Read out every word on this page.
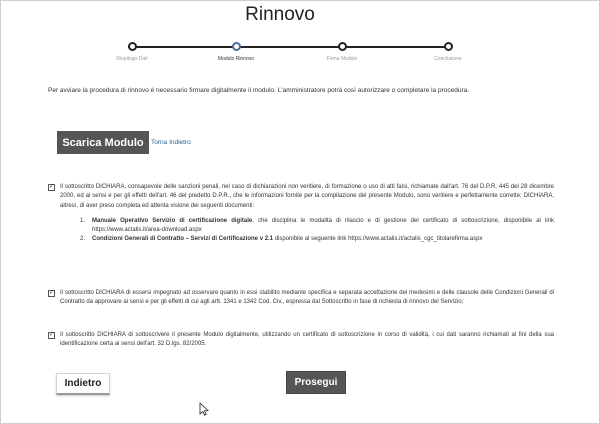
Rinnovo
Riepilogo Dati	Modulo Rinnovo	Firma Modulo	Conclusione

Per avviare la procedura di rinnovo è necessario firmare digitalmente il modulo. L'amministratore potrà così autorizzare o completare la procedura.

Scarica Modulo	Torna Indietro
✓ Il sottoscritto DICHIARA, consapevole delle sanzioni penali, nel caso di dichiarazioni non veritiere, di formazione o uso di atti falsi, richiamate dall'art. 76 del D.P.R. 445 del 28 dicembre 2000, ed ai sensi e per gli effetti dell'art. 46 del predetto D.P.R., che le informazioni fornite per la compilazione del presente Modulo, sono veritiere e perfettamente corrette; DICHIARA, altresì, di aver preso completa ed attenta visione dei seguenti documenti:
1. Manuale Operativo Servizio di certificazione digitale, che disciplina le modalità di rilascio e di gestione del certificato di sottoscrizione, disponibile al link https://www.actalis.it/area-download.aspx
2. Condizioni Generali di Contratto – Servizi di Certificazione v 2.1 disponibile al seguente link https://www.actalis.it/actalis_cgc_titolarefirma.aspx
✓ Il sottoscritto DICHIARA di essersi impegnato ad osservare quanto in essi stabilito mediante specifica e separata accettazione dei medesimi e delle clausole delle Condizioni Generali di Contratto da approvare ai sensi e per gli effetti di cui agli artt. 1341 e 1342 Cod. Civ., espressa dal Sottoscritto in fase di richiesta di rinnovo del Servizio;
✓ Il sottoscritto DICHIARA di sottoscrivere il presente Modulo digitalmente, utilizzando un certificato di sottoscrizione in corso di validità, i cui dati saranno richiamati al fini della sua identificazione certa ai sensi dell'art. 32 D.lgs. 82/2005.
Indietro	Prosegui
